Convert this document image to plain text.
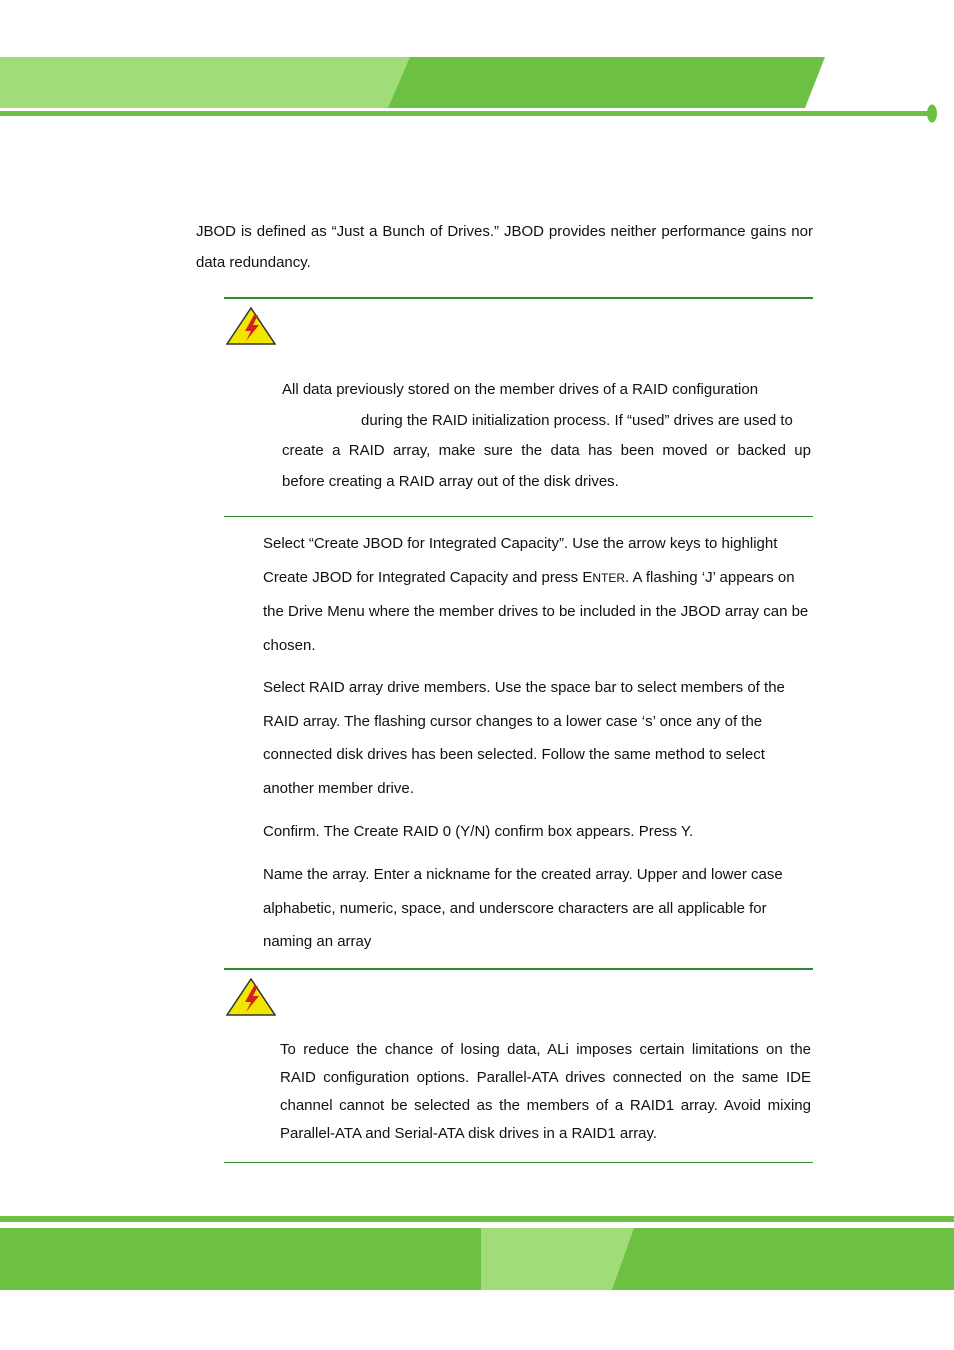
JBOD is defined as “Just a Bunch of Drives.” JBOD provides neither performance gains nor data redundancy.

All data previously stored on the member drives of a RAID configuration

during the RAID initialization process. If “used” drives are used to

create a RAID array, make sure the data has been moved or backed up

before creating a RAID array out of the disk drives.

Select “Create JBOD for Integrated Capacity”. Use the arrow keys to highlight Create JBOD for Integrated Capacity and press ENTER. A flashing ‘J’ appears on the Drive Menu where the member drives to be included in the JBOD array can be chosen.

Select RAID array drive members. Use the space bar to select members of the RAID array. The flashing cursor changes to a lower case ‘s’ once any of the connected disk drives has been selected. Follow the same method to select another member drive.

Confirm. The Create RAID 0 (Y/N) confirm box appears. Press Y.

Name the array. Enter a nickname for the created array. Upper and lower case alphabetic, numeric, space, and underscore characters are all applicable for naming an array

To reduce the chance of losing data, ALi imposes certain limitations on the RAID configuration options. Parallel-ATA drives connected on the same IDE channel cannot be selected as the members of a RAID1 array. Avoid mixing Parallel-ATA and Serial-ATA disk drives in a RAID1 array.
